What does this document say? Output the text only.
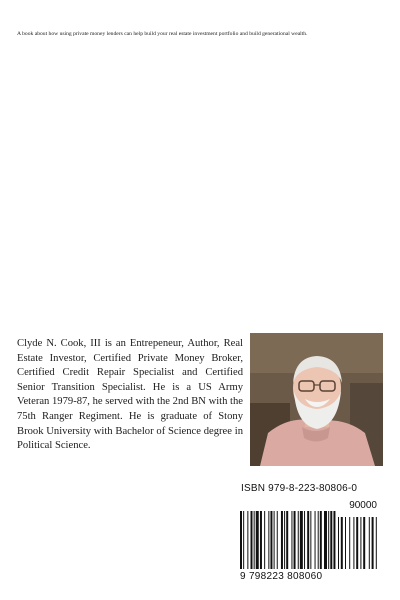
A book about how using private money lenders can help build your real estate investment portfolio and build generational wealth.
Clyde N. Cook, III is an Entrepeneur, Author, Real Estate Investor, Certified Private Money Broker, Certified Credit Repair Specialist and Certified Senior Transition Specialist. He is a US Army Veteran 1979-87, he served with the 2nd BN with the 75th Ranger Regiment. He is graduate of Stony Brook University with Bachelor of Science degree in Political Science.
ISBN 979-8-223-80806-0
90000
9 798223 808060
